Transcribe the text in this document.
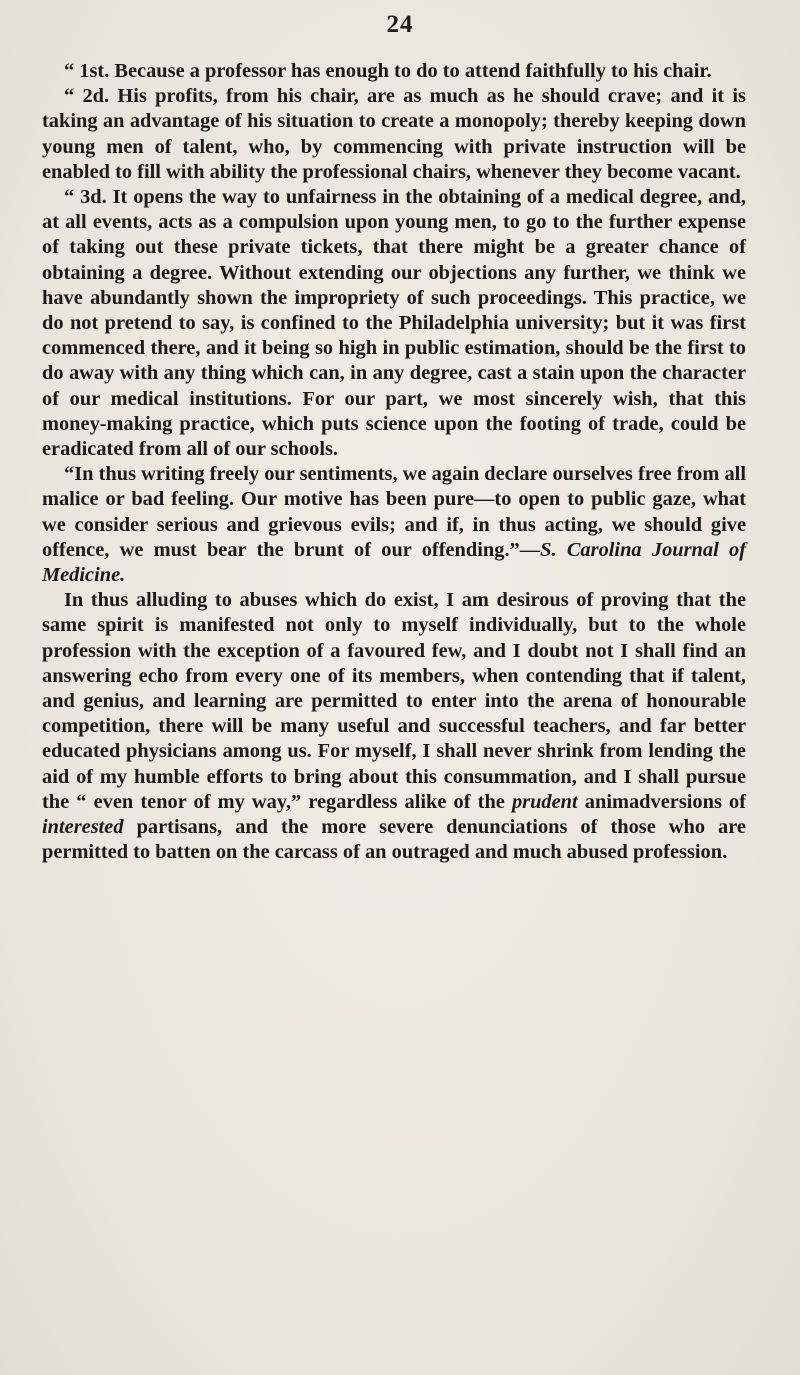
24

“ 1st. Because a professor has enough to do to attend faithfully to his chair.

“ 2d. His profits, from his chair, are as much as he should crave; and it is taking an advantage of his situation to create a monopoly; thereby keeping down young men of talent, who, by commencing with private instruction will be enabled to fill with ability the professional chairs, whenever they become vacant.

“ 3d. It opens the way to unfairness in the obtaining of a medical degree, and, at all events, acts as a compulsion upon young men, to go to the further expense of taking out these private tickets, that there might be a greater chance of obtaining a degree. Without extending our objections any further, we think we have abundantly shown the impropriety of such proceedings. This practice, we do not pretend to say, is confined to the Philadelphia university; but it was first commenced there, and it being so high in public estimation, should be the first to do away with any thing which can, in any degree, cast a stain upon the character of our medical institutions. For our part, we most sincerely wish, that this money-making practice, which puts science upon the footing of trade, could be eradicated from all of our schools.

“In thus writing freely our sentiments, we again declare ourselves free from all malice or bad feeling. Our motive has been pure—to open to public gaze, what we consider serious and grievous evils; and if, in thus acting, we should give offence, we must bear the brunt of our offending.”—S. Carolina Journal of Medicine.

In thus alluding to abuses which do exist, I am desirous of proving that the same spirit is manifested not only to myself individually, but to the whole profession with the exception of a favoured few, and I doubt not I shall find an answering echo from every one of its members, when contending that if talent, and genius, and learning are permitted to enter into the arena of honourable competition, there will be many useful and successful teachers, and far better educated physicians among us. For myself, I shall never shrink from lending the aid of my humble efforts to bring about this consummation, and I shall pursue the “ even tenor of my way,” regardless alike of the prudent animadversions of interested partisans, and the more severe denunciations of those who are permitted to batten on the carcass of an outraged and much abused profession.
